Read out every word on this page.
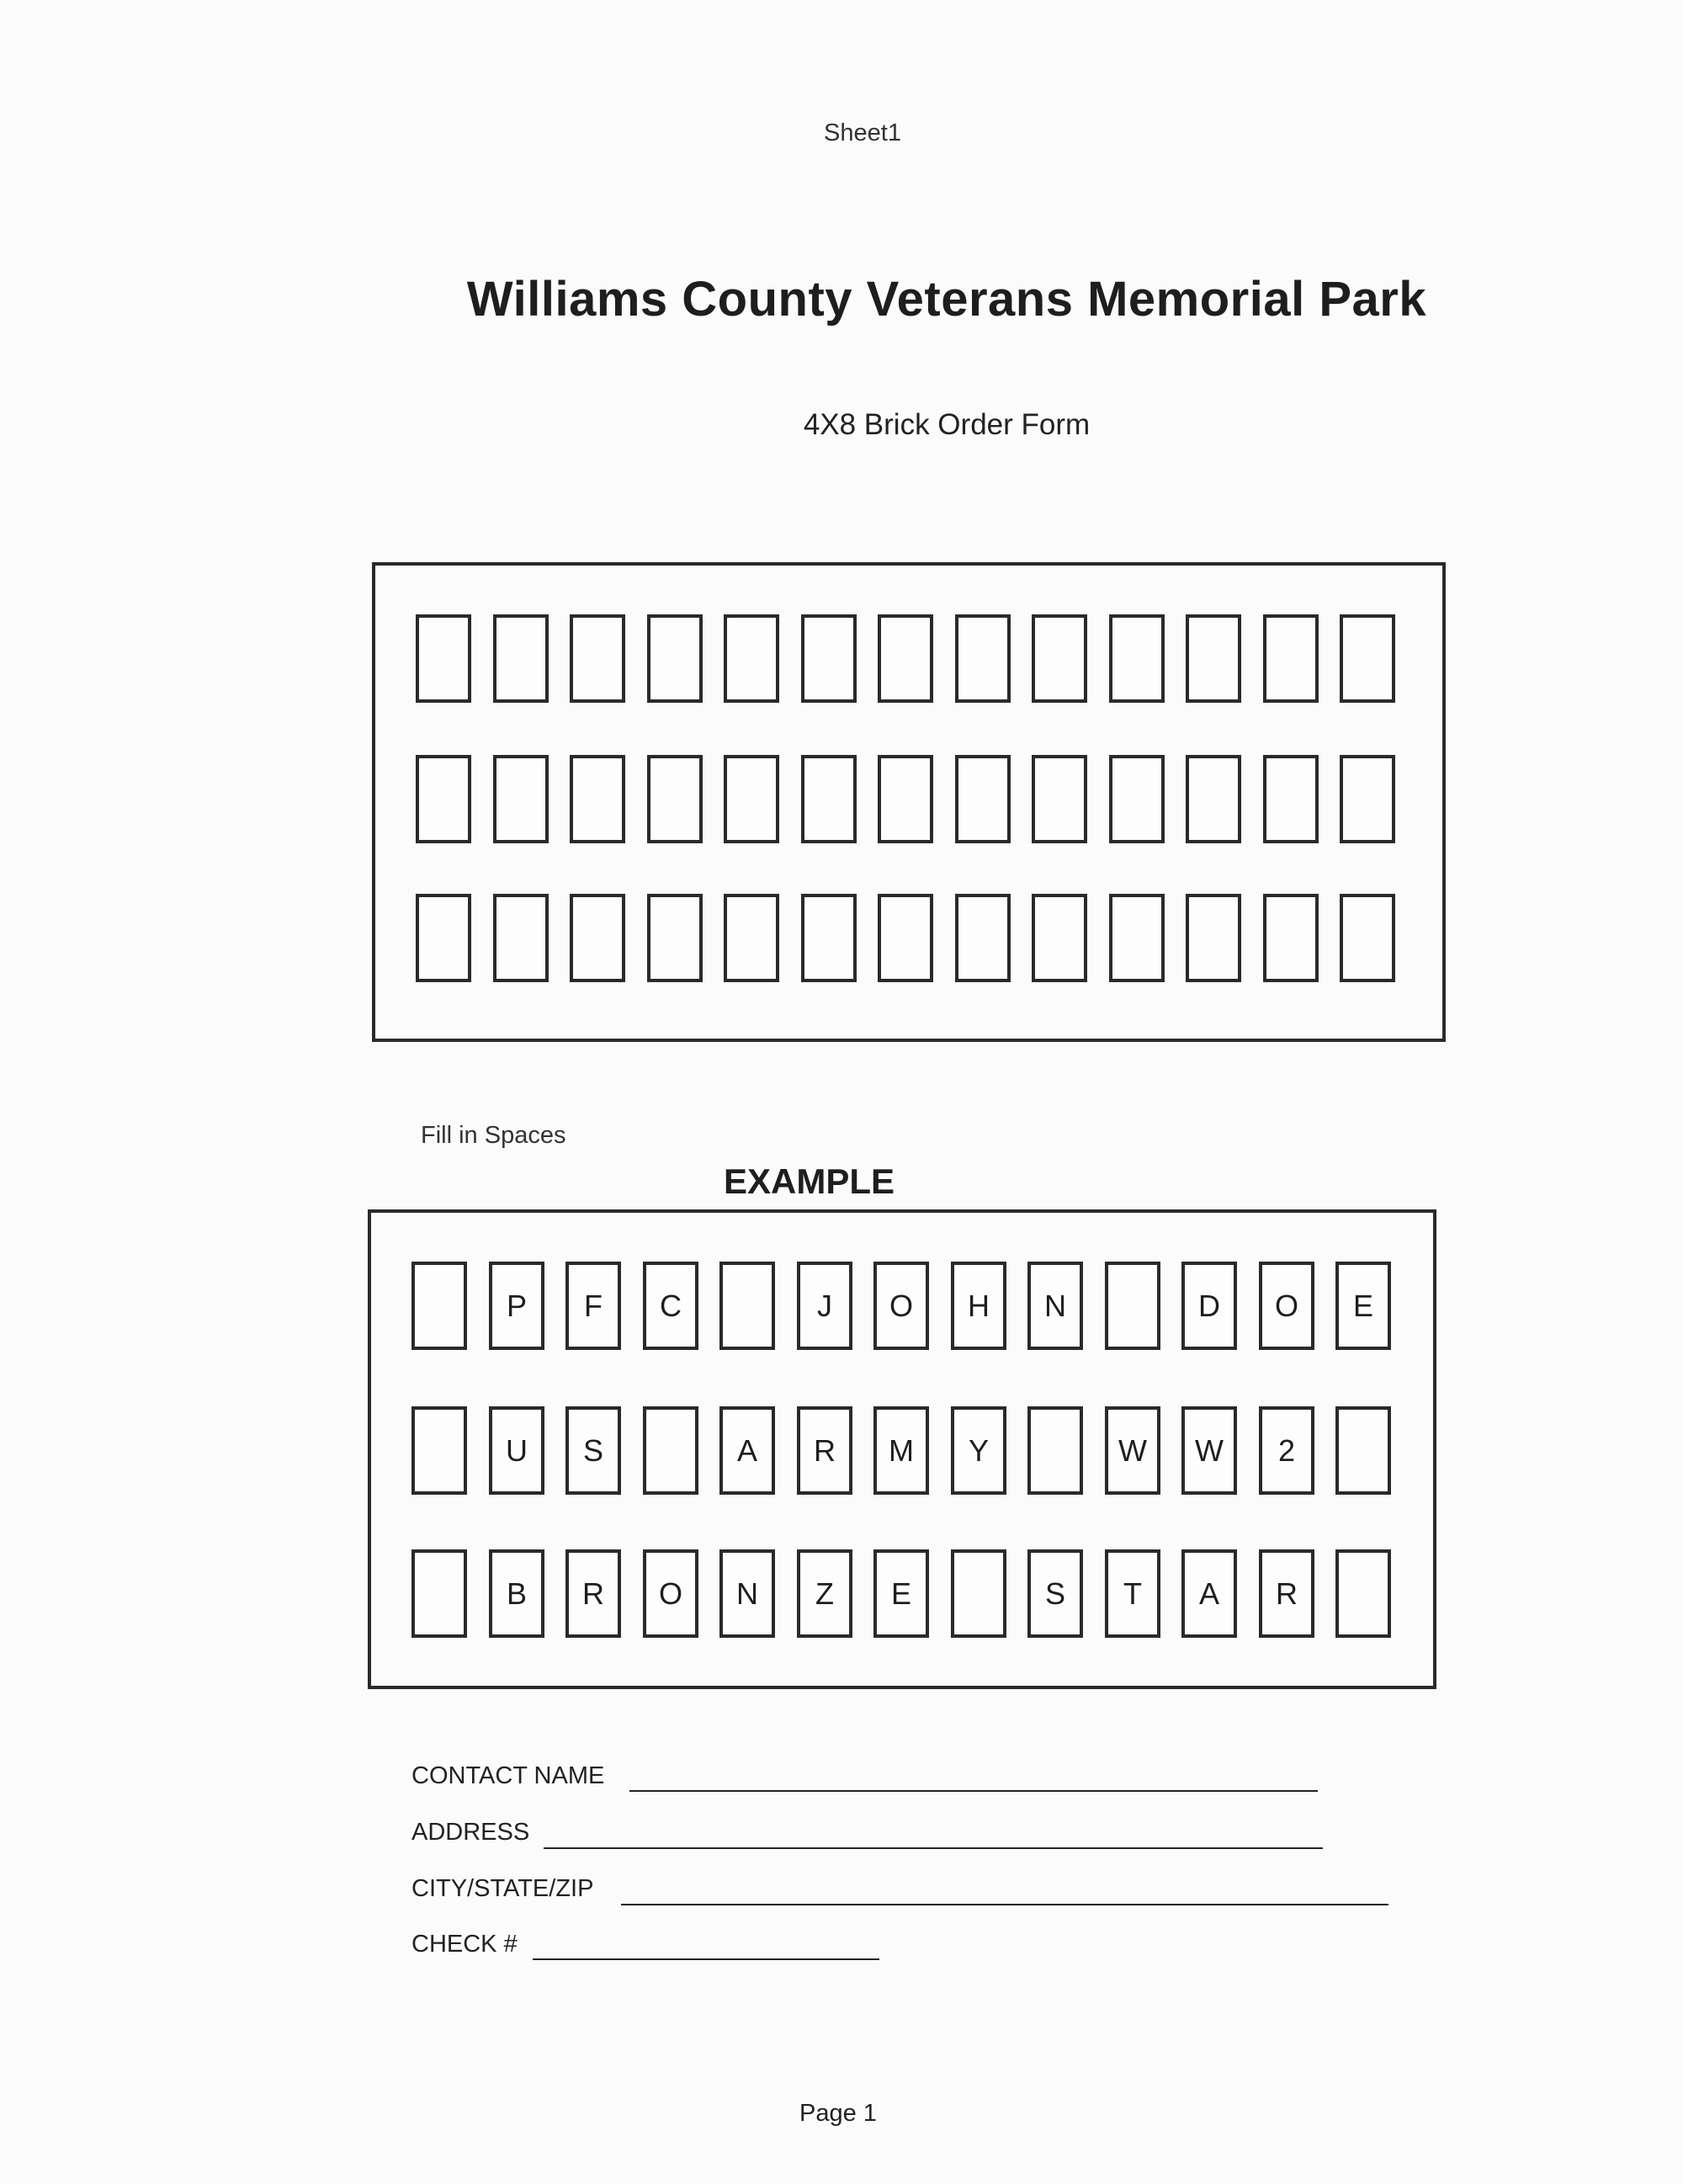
Sheet1
Williams County Veterans Memorial Park
4X8 Brick Order Form
Fill in Spaces
EXAMPLE
P F C	J O H N	D O E
U S	A R M Y	W W 2
B R O N Z E	S T A R
CONTACT NAME
ADDRESS
CITY/STATE/ZIP
CHECK #
Page 1
